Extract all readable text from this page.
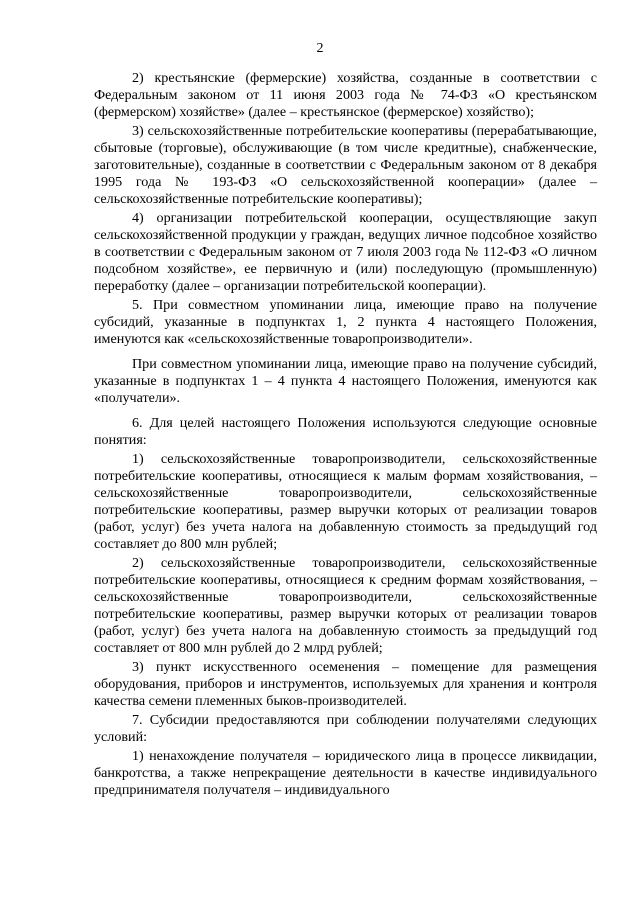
2

2) крестьянские (фермерские) хозяйства, созданные в соответствии с Федеральным законом от 11 июня 2003 года № 74-ФЗ «О крестьянском (фермерском) хозяйстве» (далее – крестьянское (фермерское) хозяйство);

3) сельскохозяйственные потребительские кооперативы (перерабатывающие, сбытовые (торговые), обслуживающие (в том числе кредитные), снабженческие, заготовительные), созданные в соответствии с Федеральным законом от 8 декабря 1995 года № 193-ФЗ «О сельскохозяйственной кооперации» (далее – сельскохозяйственные потребительские кооперативы);

4) организации потребительской кооперации, осуществляющие закуп сельскохозяйственной продукции у граждан, ведущих личное подсобное хозяйство в соответствии с Федеральным законом от 7 июля 2003 года № 112-ФЗ «О личном подсобном хозяйстве», ее первичную и (или) последующую (промышленную) переработку (далее – организации потребительской кооперации).

5. При совместном упоминании лица, имеющие право на получение субсидий, указанные в подпунктах 1, 2 пункта 4 настоящего Положения, именуются как «сельскохозяйственные товаропроизводители».

При совместном упоминании лица, имеющие право на получение субсидий, указанные в подпунктах 1 – 4 пункта 4 настоящего Положения, именуются как «получатели».

6. Для целей настоящего Положения используются следующие основные понятия:

1) сельскохозяйственные товаропроизводители, сельскохозяйственные потребительские кооперативы, относящиеся к малым формам хозяйствования, – сельскохозяйственные товаропроизводители, сельскохозяйственные потребительские кооперативы, размер выручки которых от реализации товаров (работ, услуг) без учета налога на добавленную стоимость за предыдущий год составляет до 800 млн рублей;

2) сельскохозяйственные товаропроизводители, сельскохозяйственные потребительские кооперативы, относящиеся к средним формам хозяйствования, – сельскохозяйственные товаропроизводители, сельскохозяйственные потребительские кооперативы, размер выручки которых от реализации товаров (работ, услуг) без учета налога на добавленную стоимость за предыдущий год составляет от 800 млн рублей до 2 млрд рублей;

3) пункт искусственного осеменения – помещение для размещения оборудования, приборов и инструментов, используемых для хранения и контроля качества семени племенных быков-производителей.

7. Субсидии предоставляются при соблюдении получателями следующих условий:

1) ненахождение получателя – юридического лица в процессе ликвидации, банкротства, а также непрекращение деятельности в качестве индивидуального предпринимателя получателя – индивидуального
